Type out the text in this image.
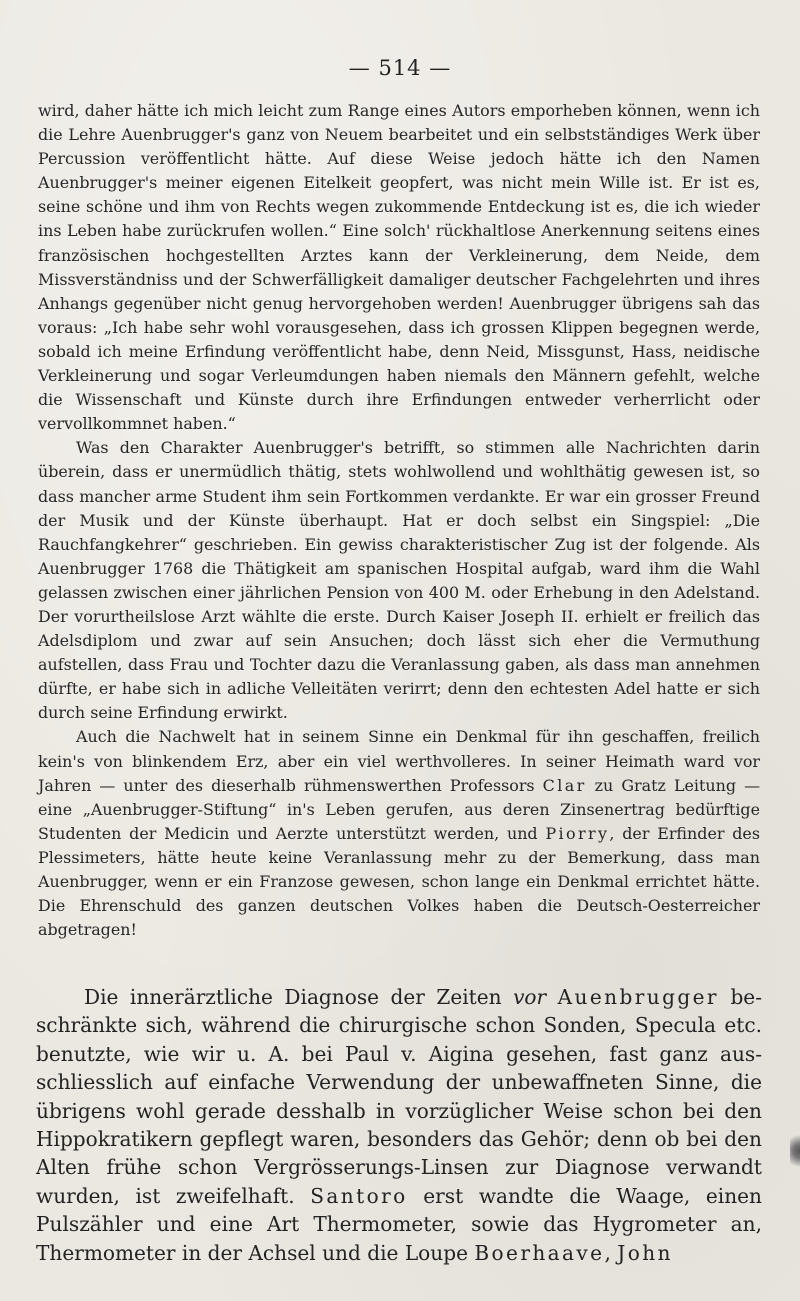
— 514 —

wird, daher hätte ich mich leicht zum Range eines Autors emporheben können, wenn ich die Lehre Auenbrugger's ganz von Neuem bearbeitet und ein selbstständiges Werk über Percussion veröffentlicht hätte. Auf diese Weise jedoch hätte ich den Namen Auenbrugger's meiner eigenen Eitelkeit geopfert, was nicht mein Wille ist. Er ist es, seine schöne und ihm von Rechts wegen zukommende Entdeckung ist es, die ich wieder ins Leben habe zurückrufen wollen.“ Eine solch' rückhaltlose Anerkennung seitens eines französischen hochgestellten Arztes kann der Verkleinerung, dem Neide, dem Missverständniss und der Schwerfälligkeit damaliger deutscher Fachgelehrten und ihres Anhangs gegenüber nicht genug hervorgehoben werden! Auenbrugger übrigens sah das voraus: „Ich habe sehr wohl vorausgesehen, dass ich grossen Klippen begegnen werde, sobald ich meine Erfindung veröffentlicht habe, denn Neid, Missgunst, Hass, neidische Verkleinerung und sogar Verleumdungen haben niemals den Männern gefehlt, welche die Wissenschaft und Künste durch ihre Erfindungen entweder verherrlicht oder vervollkommnet haben.“

Was den Charakter Auenbrugger's betrifft, so stimmen alle Nachrichten darin überein, dass er unermüdlich thätig, stets wohlwollend und wohlthätig gewesen ist, so dass mancher arme Student ihm sein Fortkommen verdankte. Er war ein grosser Freund der Musik und der Künste überhaupt. Hat er doch selbst ein Singspiel: „Die Rauchfangkehrer“ geschrieben. Ein gewiss charakteristischer Zug ist der folgende. Als Auenbrugger 1768 die Thätigkeit am spanischen Hospital aufgab, ward ihm die Wahl gelassen zwischen einer jährlichen Pension von 400 M. oder Erhebung in den Adelstand. Der vorurtheilslose Arzt wählte die erste. Durch Kaiser Joseph II. erhielt er freilich das Adelsdiplom und zwar auf sein Ansuchen; doch lässt sich eher die Vermuthung aufstellen, dass Frau und Tochter dazu die Veranlassung gaben, als dass man annehmen dürfte, er habe sich in adliche Velleitäten verirrt; denn den echtesten Adel hatte er sich durch seine Erfindung erwirkt.

Auch die Nachwelt hat in seinem Sinne ein Denkmal für ihn geschaffen, freilich kein's von blinkendem Erz, aber ein viel werthvolleres. In seiner Heimath ward vor Jahren — unter des dieserhalb rühmenswerthen Professors Clar zu Gratz Leitung — eine „Auenbrugger-Stiftung“ in's Leben gerufen, aus deren Zinsenertrag bedürftige Studenten der Medicin und Aerzte unterstützt werden, und Piorry, der Erfinder des Plessimeters, hätte heute keine Veranlassung mehr zu der Bemerkung, dass man Auenbrugger, wenn er ein Franzose gewesen, schon lange ein Denkmal errichtet hätte. Die Ehrenschuld des ganzen deutschen Volkes haben die Deutsch-Oesterreicher abgetragen!

Die innerärztliche Diagnose der Zeiten vor Auenbrugger beschränkte sich, während die chirurgische schon Sonden, Specula etc. benutzte, wie wir u. A. bei Paul v. Aigina gesehen, fast ganz ausschliesslich auf einfache Verwendung der unbewaffneten Sinne, die übrigens wohl gerade desshalb in vorzüglicher Weise schon bei den Hippokratikern gepflegt waren, besonders das Gehör; denn ob bei den Alten frühe schon Vergrösserungs-Linsen zur Diagnose verwandt wurden, ist zweifelhaft. Santoro erst wandte die Waage, einen Pulszähler und eine Art Thermometer, sowie das Hygrometer an, Thermometer in der Achsel und die Loupe Boerhaave, John
